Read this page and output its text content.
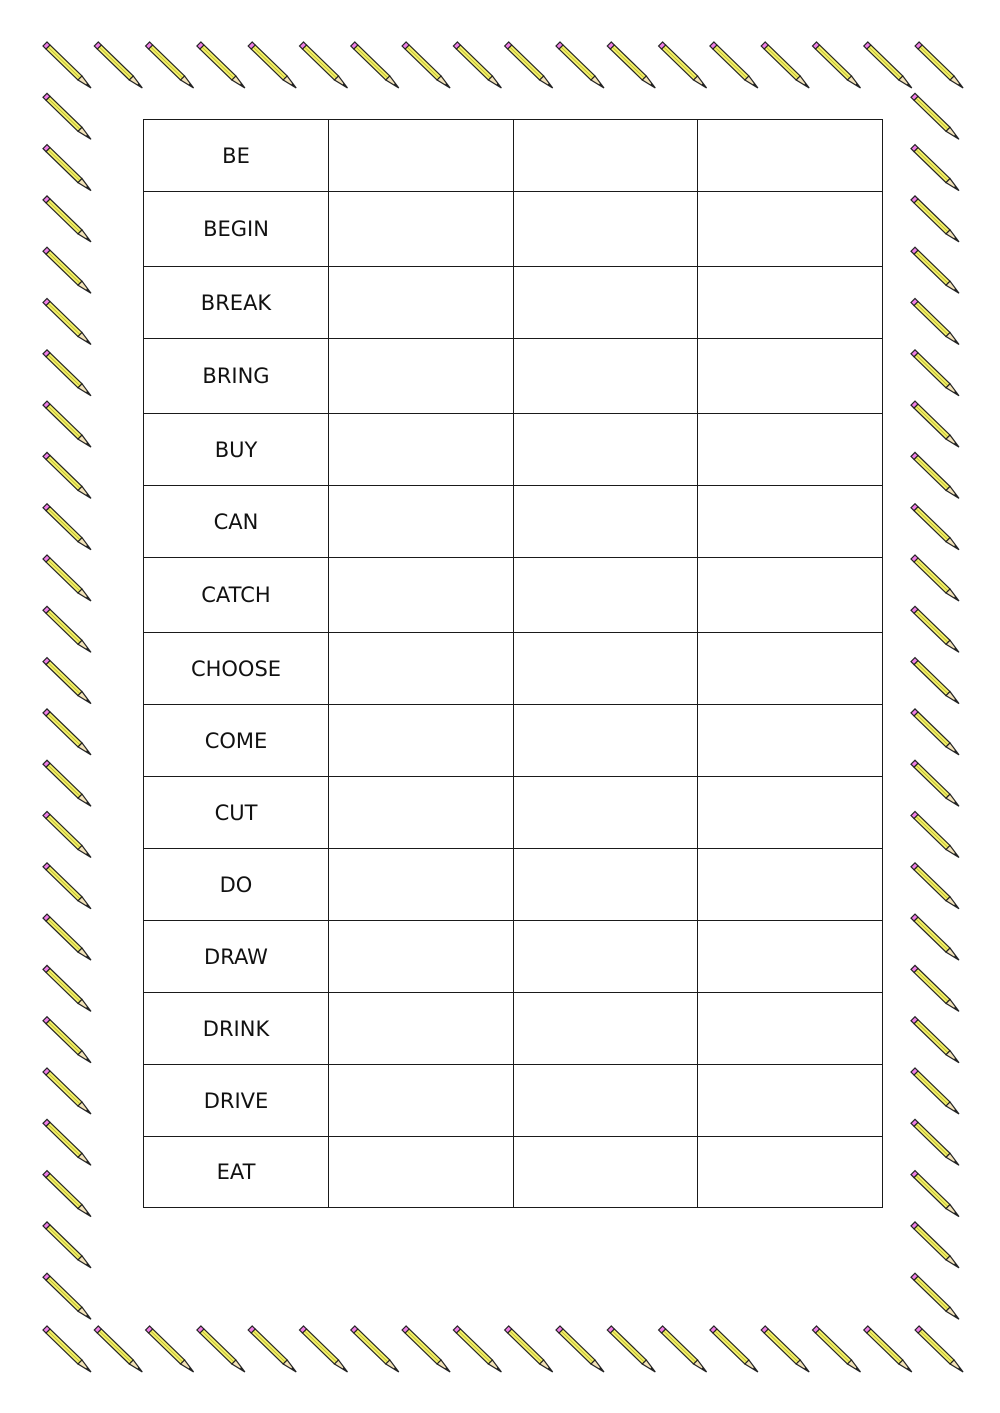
BE			
BEGIN			
BREAK			
BRING			
BUY			
CAN			
CATCH			
CHOOSE			
COME			
CUT			
DO			
DRAW			
DRINK			
DRIVE			
EAT			
